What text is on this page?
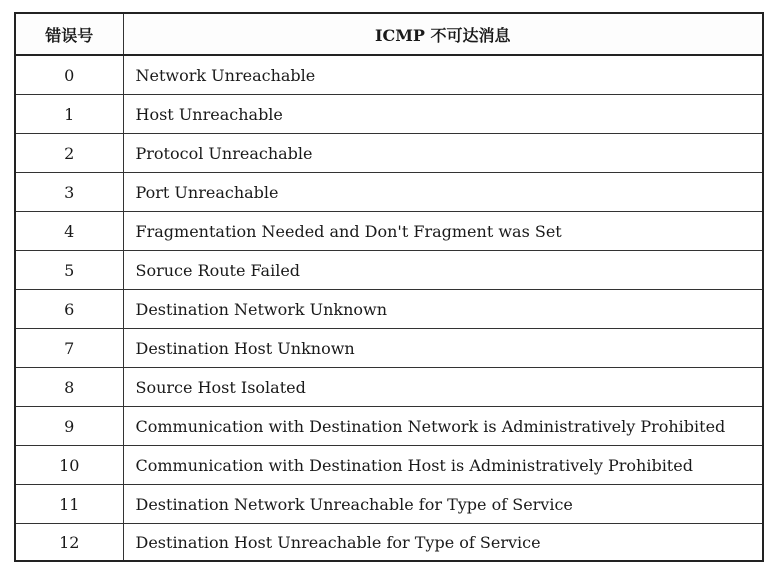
错误号	ICMP 不可达消息
0	Network Unreachable
1	Host Unreachable
2	Protocol Unreachable
3	Port Unreachable
4	Fragmentation Needed and Don't Fragment was Set
5	Soruce Route Failed
6	Destination Network Unknown
7	Destination Host Unknown
8	Source Host Isolated
9	Communication with Destination Network is Administratively Prohibited
10	Communication with Destination Host is Administratively Prohibited
11	Destination Network Unreachable for Type of Service
12	Destination Host Unreachable for Type of Service
